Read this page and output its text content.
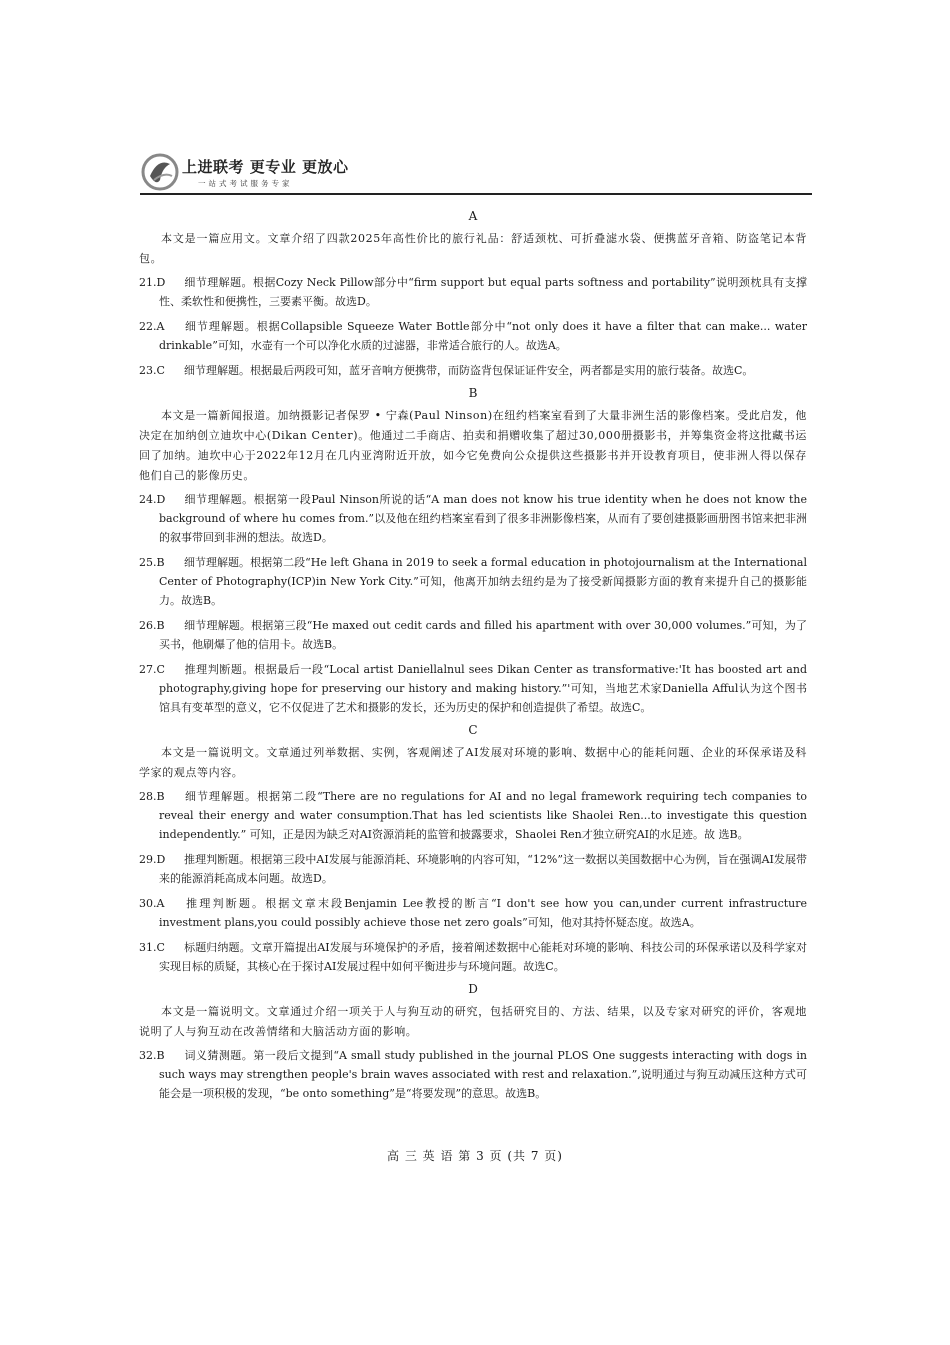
上进联考 更专业 更放心
一站式考试服务专家
A

本文是一篇应用文。文章介绍了四款2025年高性价比的旅行礼品：舒适颈枕、可折叠滤水袋、便携蓝牙音箱、防盗笔记本背包。

21.D 细节理解题。根据Cozy Neck Pillow部分中“firm support but equal parts softness and portability”说明颈枕具有支撑性、柔软性和便携性，三要素平衡。故选D。
22.A 细节理解题。根据Collapsible Squeeze Water Bottle部分中“not only does it have a filter that can make... water drinkable”可知，水壶有一个可以净化水质的过滤器，非常适合旅行的人。故选A。
23.C 细节理解题。根据最后两段可知，蓝牙音响方便携带，而防盗背包保证证件安全，两者都是实用的旅行装备。故选C。
B

本文是一篇新闻报道。加纳摄影记者保罗 • 宁森(Paul Ninson)在纽约档案室看到了大量非洲生活的影像档案。受此启发，他决定在加纳创立迪坎中心(Dikan Center)。他通过二手商店、拍卖和捐赠收集了超过30,000册摄影书，并筹集资金将这批藏书运回了加纳。迪坎中心于2022年12月在几内亚湾附近开放，如今它免费向公众提供这些摄影书并开设教育项目，使非洲人得以保存他们自己的影像历史。

24.D 细节理解题。根据第一段Paul Ninson所说的话“A man does not know his true identity when he does not know the background of where hu comes from.”以及他在纽约档案室看到了很多非洲影像档案，从而有了要创建摄影画册图书馆来把非洲的叙事带回到非洲的想法。故选D。
25.B 细节理解题。根据第二段“He left Ghana in 2019 to seek a formal education in photojournalism at the International Center of Photography(ICP)in New York City.”可知，他离开加纳去纽约是为了接受新闻摄影方面的教育来提升自己的摄影能力。故选B。
26.B 细节理解题。根据第三段“He maxed out cedit cards and filled his apartment with over 30,000 volumes.”可知，为了买书，他刷爆了他的信用卡。故选B。
27.C 推理判断题。根据最后一段“Local artist Daniellalnul sees Dikan Center as transformative:'It has boosted art and photography,giving hope for preserving our history and making history.”'可知，当地艺术家Daniella Afful认为这个图书馆具有变革型的意义，它不仅促进了艺术和摄影的发长，还为历史的保护和创造提供了希望。故选C。
C

本文是一篇说明文。文章通过列举数据、实例，客观阐述了AI发展对环境的影响、数据中心的能耗问题、企业的环保承诺及科学家的观点等内容。

28.B 细节理解题。根据第二段“There are no regulations for AI and no legal framework requiring tech companies to reveal their energy and water consumption.That has led scientists like Shaolei Ren...to investigate this question independently.” 可知，正是因为缺乏对AI资源消耗的监管和披露要求，Shaolei Ren才独立研究AI的水足迹。故 选B。
29.D 推理判断题。根据第三段中AI发展与能源消耗、环境影响的内容可知，“12%”这一数据以美国数据中心为例，旨在强调AI发展带来的能源消耗高成本问题。故选D。
30.A 推理判断题。根据文章末段Benjamin Lee教授的断言“I don't see how you can,under current infrastructure investment plans,you could possibly achieve those net zero goals”可知，他对其持怀疑态度。故选A。
31.C 标题归纳题。文章开篇提出AI发展与环境保护的矛盾，接着阐述数据中心能耗对环境的影响、科技公司的环保承诺以及科学家对实现目标的质疑，其核心在于探讨AI发展过程中如何平衡进步与环境问题。故选C。
D

本文是一篇说明文。文章通过介绍一项关于人与狗互动的研究，包括研究目的、方法、结果，以及专家对研究的评价，客观地说明了人与狗互动在改善情绪和大脑活动方面的影响。

32.B 词义猜测题。第一段后文提到“A small study published in the journal PLOS One suggests interacting with dogs in such ways may strengthen people's brain waves associated with rest and relaxation.”,说明通过与狗互动减压这种方式可能会是一项积极的发现，“be onto something”是“将要发现”的意思。故选B。
高 三 英 语 第 3 页 (共 7 页)
